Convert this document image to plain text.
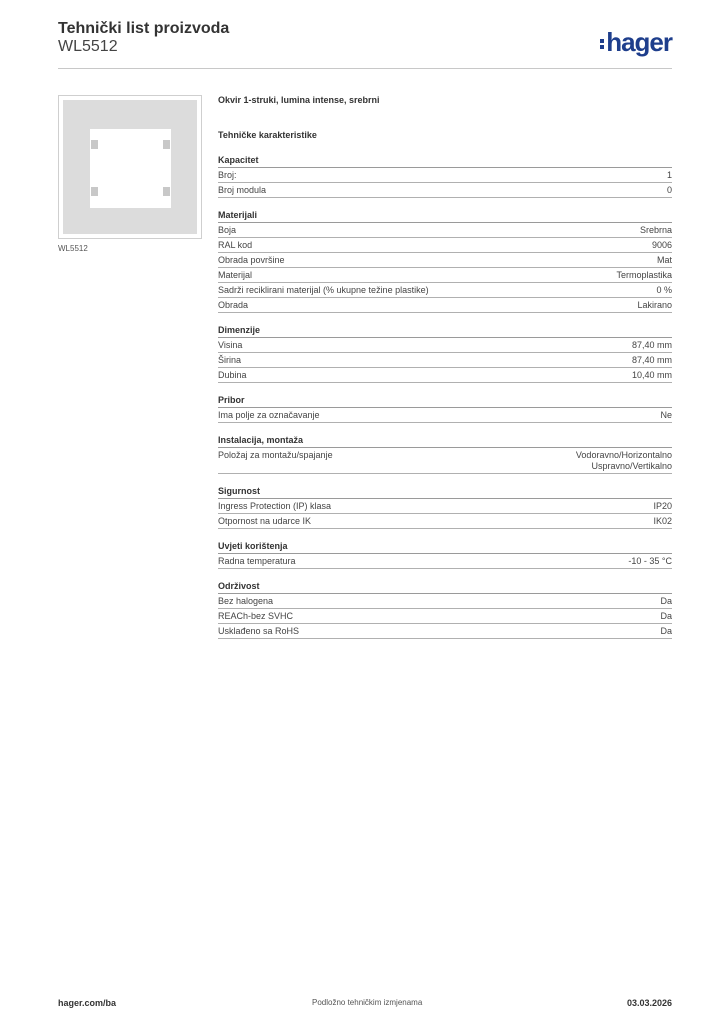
Tehnički list proizvoda
WL5512	hager
WL5512
Okvir 1-struki, lumina intense, srebrni
Tehničke karakteristike
Kapacitet
Broj:	1
Broj modula	0
Materijali
Boja	Srebrna
RAL kod	9006
Obrada površine	Mat
Materijal	Termoplastika
Sadrži reciklirani materijal (% ukupne težine plastike)	0 %
Obrada	Lakirano
Dimenzije
Visina	87,40 mm
Širina	87,40 mm
Dubina	10,40 mm
Pribor
Ima polje za označavanje	Ne
Instalacija, montaža
Položaj za montažu/spajanje	Vodoravno/Horizontalno
Uspravno/Vertikalno
Sigurnost
Ingress Protection (IP) klasa	IP20
Otpornost na udarce IK	IK02
Uvjeti korištenja
Radna temperatura	-10 - 35 °C
Održivost
Bez halogena	Da
REACh-bez SVHC	Da
Usklađeno sa RoHS	Da
hager.com/ba	Podložno tehničkim izmjenama	03.03.2026
